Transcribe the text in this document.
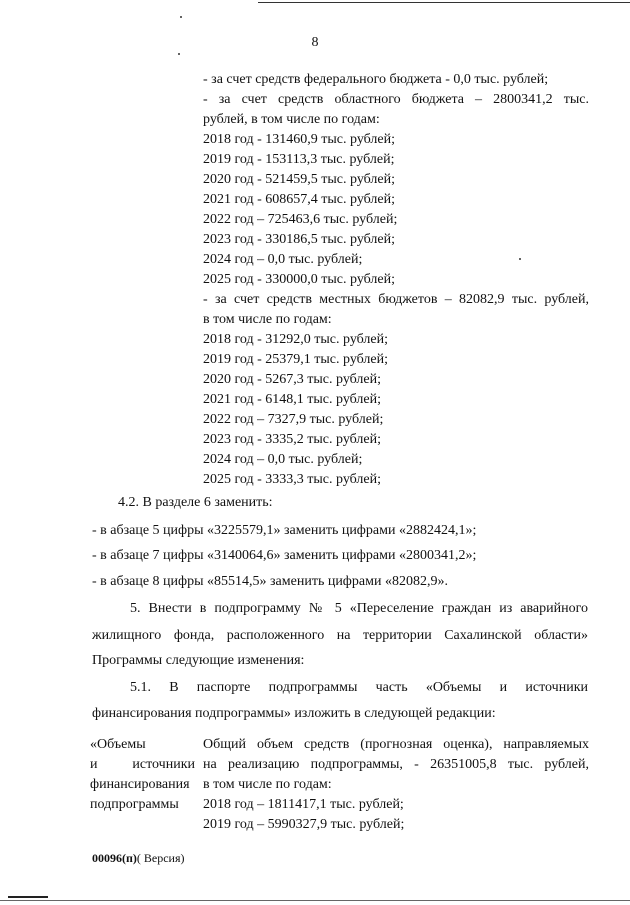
8
- за счет средств федерального бюджета - 0,0 тыс. рублей;
- за счет средств областного бюджета – 2800341,2 тыс.
рублей, в том числе по годам:
2018 год - 131460,9 тыс. рублей;
2019 год - 153113,3 тыс. рублей;
2020 год - 521459,5 тыс. рублей;
2021 год - 608657,4 тыс. рублей;
2022 год – 725463,6 тыс. рублей;
2023 год - 330186,5 тыс. рублей;
2024 год – 0,0 тыс. рублей;
2025 год - 330000,0 тыс. рублей;
- за счет средств местных бюджетов – 82082,9 тыс. рублей,
в том числе по годам:
2018 год - 31292,0 тыс. рублей;
2019 год - 25379,1 тыс. рублей;
2020 год - 5267,3 тыс. рублей;
2021 год - 6148,1 тыс. рублей;
2022 год – 7327,9 тыс. рублей;
2023 год - 3335,2 тыс. рублей;
2024 год – 0,0 тыс. рублей;
2025 год - 3333,3 тыс. рублей;
4.2. В разделе 6 заменить:
- в абзаце 5 цифры «3225579,1» заменить цифрами «2882424,1»;
- в абзаце 7 цифры «3140064,6» заменить цифрами «2800341,2»;
- в абзаце 8 цифры «85514,5» заменить цифрами «82082,9».
5. Внести в подпрограмму № 5 «Переселение граждан из аварийного
жилищного фонда, расположенного на территории Сахалинской области»
Программы следующие изменения:
5.1. В паспорте подпрограммы часть «Объемы и источники
финансирования подпрограммы» изложить в следующей редакции:
«Объемы
и источники
финансирования
подпрограммы
Общий объем средств (прогнозная оценка), направляемых
на реализацию подпрограммы, - 26351005,8 тыс. рублей,
в том числе по годам:
2018 год – 1811417,1 тыс. рублей;
2019 год – 5990327,9 тыс. рублей;
00096(п)( Версия)
